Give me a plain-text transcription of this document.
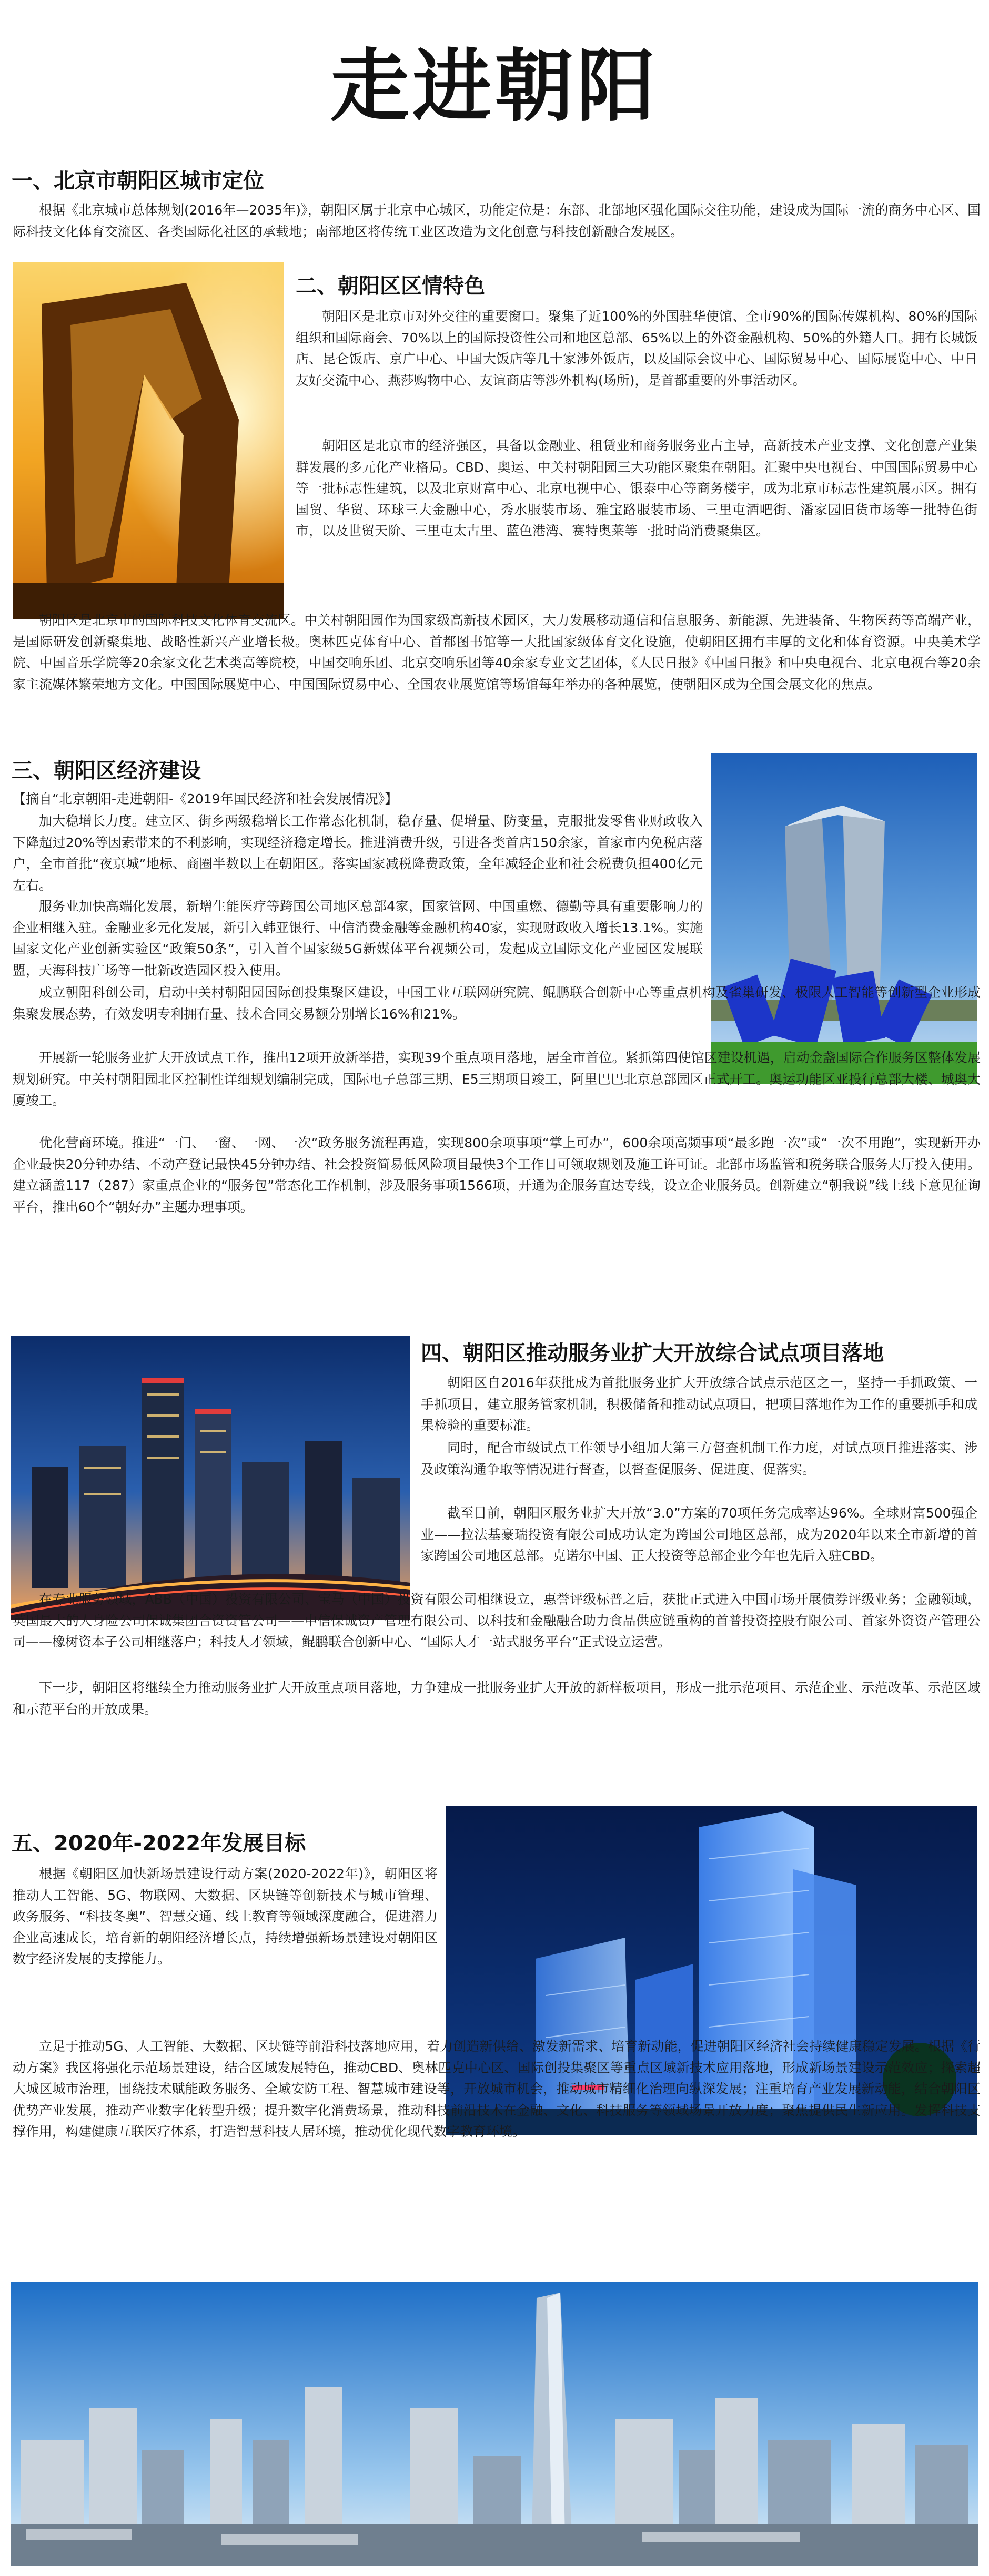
走进朝阳
一、北京市朝阳区城市定位

根据《北京城市总体规划(2016年—2035年)》，朝阳区属于北京中心城区，功能定位是：东部、北部地区强化国际交往功能，建设成为国际一流的商务中心区、国际科技文化体育交流区、各类国际化社区的承载地；南部地区将传统工业区改造为文化创意与科技创新融合发展区。

二、朝阳区区情特色

朝阳区是北京市对外交往的重要窗口。聚集了近100%的外国驻华使馆、全市90%的国际传媒机构、80%的国际组织和国际商会、70%以上的国际投资性公司和地区总部、65%以上的外资金融机构、50%的外籍人口。拥有长城饭店、昆仑饭店、京广中心、中国大饭店等几十家涉外饭店，以及国际会议中心、国际贸易中心、国际展览中心、中日友好交流中心、燕莎购物中心、友谊商店等涉外机构(场所)，是首都重要的外事活动区。

朝阳区是北京市的经济强区，具备以金融业、租赁业和商务服务业占主导，高新技术产业支撑、文化创意产业集群发展的多元化产业格局。CBD、奥运、中关村朝阳园三大功能区聚集在朝阳。汇聚中央电视台、中国国际贸易中心等一批标志性建筑，以及北京财富中心、北京电视中心、银泰中心等商务楼宇，成为北京市标志性建筑展示区。拥有国贸、华贸、环球三大金融中心，秀水服装市场、雅宝路服装市场、三里屯酒吧街、潘家园旧货市场等一批特色街市，以及世贸天阶、三里屯太古里、蓝色港湾、赛特奥莱等一批时尚消费聚集区。

朝阳区是北京市的国际科技文化体育交流区。中关村朝阳园作为国家级高新技术园区，大力发展移动通信和信息服务、新能源、先进装备、生物医药等高端产业，是国际研发创新聚集地、战略性新兴产业增长极。奥林匹克体育中心、首都图书馆等一大批国家级体育文化设施，使朝阳区拥有丰厚的文化和体育资源。中央美术学院、中国音乐学院等20余家文化艺术类高等院校，中国交响乐团、北京交响乐团等40余家专业文艺团体，《人民日报》《中国日报》和中央电视台、北京电视台等20余家主流媒体繁荣地方文化。中国国际展览中心、中国国际贸易中心、全国农业展览馆等场馆每年举办的各种展览，使朝阳区成为全国会展文化的焦点。

三、朝阳区经济建设
【摘自“北京朝阳-走进朝阳-《2019年国民经济和社会发展情况》】

加大稳增长力度。建立区、街乡两级稳增长工作常态化机制，稳存量、促增量、防变量，克服批发零售业财政收入下降超过20%等因素带来的不利影响，实现经济稳定增长。推进消费升级，引进各类首店150余家，首家市内免税店落户，全市首批“夜京城”地标、商圈半数以上在朝阳区。落实国家减税降费政策，全年减轻企业和社会税费负担400亿元左右。

服务业加快高端化发展，新增生能医疗等跨国公司地区总部4家，国家管网、中国重燃、德勤等具有重要影响力的企业相继入驻。金融业多元化发展，新引入韩亚银行、中信消费金融等金融机构40家，实现财政收入增长13.1%。实施国家文化产业创新实验区“政策50条”，引入首个国家级5G新媒体平台视频公司，发起成立国际文化产业园区发展联盟，天海科技广场等一批新改造园区投入使用。

成立朝阳科创公司，启动中关村朝阳园国际创投集聚区建设，中国工业互联网研究院、鲲鹏联合创新中心等重点机构及雀巢研发、极限人工智能等创新型企业形成集聚发展态势，有效发明专利拥有量、技术合同交易额分别增长16%和21%。

开展新一轮服务业扩大开放试点工作，推出12项开放新举措，实现39个重点项目落地，居全市首位。紧抓第四使馆区建设机遇，启动金盏国际合作服务区整体发展规划研究。中关村朝阳园北区控制性详细规划编制完成，国际电子总部三期、E5三期项目竣工，阿里巴巴北京总部园区正式开工。奥运功能区亚投行总部大楼、城奥大厦竣工。

优化营商环境。推进“一门、一窗、一网、一次”政务服务流程再造，实现800余项事项“掌上可办”，600余项高频事项“最多跑一次”或“一次不用跑”，实现新开办企业最快20分钟办结、不动产登记最快45分钟办结、社会投资简易低风险项目最快3个工作日可领取规划及施工许可证。北部市场监管和税务联合服务大厅投入使用。建立涵盖117（287）家重点企业的“服务包”常态化工作机制，涉及服务事项1566项，开通为企服务直达专线，设立企业服务员。创新建立“朝我说”线上线下意见征询平台，推出60个“朝好办”主题办理事项。

四、朝阳区推动服务业扩大开放综合试点项目落地

朝阳区自2016年获批成为首批服务业扩大开放综合试点示范区之一，坚持一手抓政策、一手抓项目，建立服务管家机制，积极储备和推动试点项目，把项目落地作为工作的重要抓手和成果检验的重要标准。

同时，配合市级试点工作领导小组加大第三方督查机制工作力度，对试点项目推进落实、涉及政策沟通争取等情况进行督查，以督查促服务、促进度、促落实。

截至目前，朝阳区服务业扩大开放“3.0”方案的70项任务完成率达96%。全球财富500强企业——拉法基豪瑞投资有限公司成功认定为跨国公司地区总部，成为2020年以来全市新增的首家跨国公司地区总部。克诺尔中国、正大投资等总部企业今年也先后入驻CBD。

在专业服务领域，ABB（中国）投资有限公司、宝马（中国）投资有限公司相继设立，惠誉评级标普之后，获批正式进入中国市场开展债券评级业务；金融领域，英国最大的人身险公司保诚集团合资资管公司——中信保诚资产管理有限公司、以科技和金融融合助力食品供应链重构的首普投资控股有限公司、首家外资资产管理公司——橡树资本子公司相继落户；科技人才领域，鲲鹏联合创新中心、“国际人才一站式服务平台”正式设立运营。

下一步，朝阳区将继续全力推动服务业扩大开放重点项目落地，力争建成一批服务业扩大开放的新样板项目，形成一批示范项目、示范企业、示范改革、示范区域和示范平台的开放成果。

五、2020年-2022年发展目标

根据《朝阳区加快新场景建设行动方案(2020-2022年)》，朝阳区将推动人工智能、5G、物联网、大数据、区块链等创新技术与城市管理、政务服务、“科技冬奥”、智慧交通、线上教育等领域深度融合，促进潜力企业高速成长，培育新的朝阳经济增长点，持续增强新场景建设对朝阳区数字经济发展的支撑能力。

立足于推动5G、人工智能、大数据、区块链等前沿科技落地应用，着力创造新供给、激发新需求、培育新动能，促进朝阳区经济社会持续健康稳定发展。根据《行动方案》我区将强化示范场景建设，结合区域发展特色，推动CBD、奥林匹克中心区、国际创投集聚区等重点区域新技术应用落地，形成新场景建设示范效应；探索超大城区城市治理，围绕技术赋能政务服务、全域安防工程、智慧城市建设等，开放城市机会，推动城市精细化治理向纵深发展；注重培育产业发展新动能，结合朝阳区优势产业发展，推动产业数字化转型升级；提升数字化消费场景，推动科技前沿技术在金融、文化、科技服务等领域场景开放力度；聚焦提供民生新应用。发挥科技支撑作用，构建健康互联医疗体系，打造智慧科技人居环境，推动优化现代数字教育环境。
